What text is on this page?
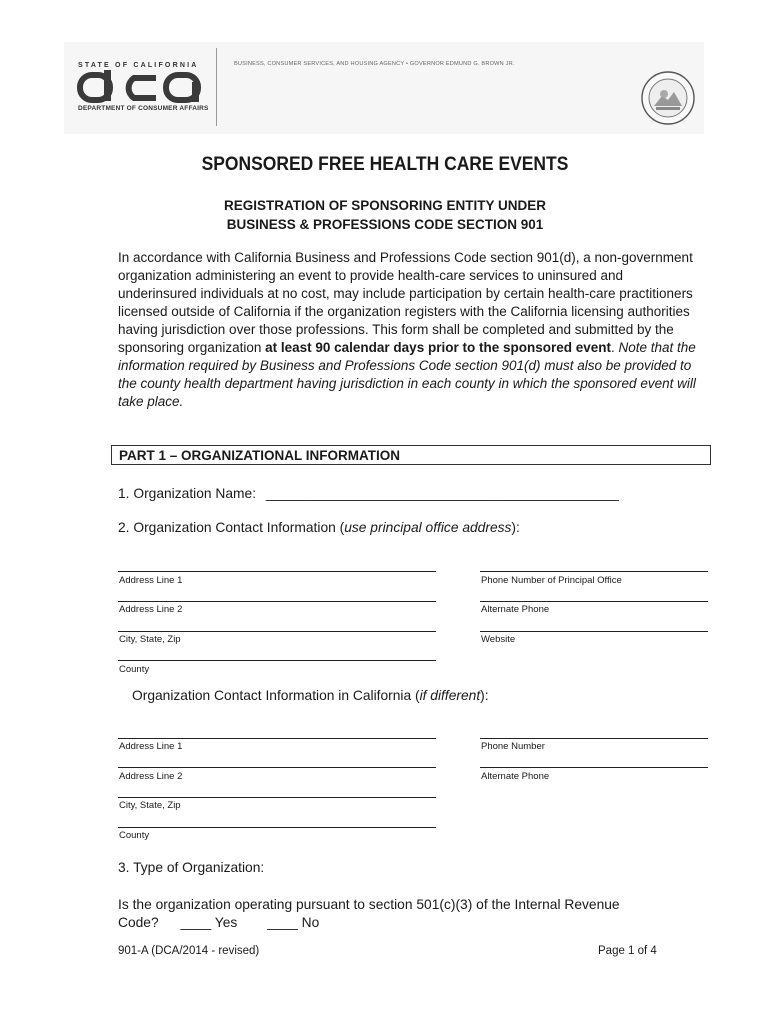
STATE OF CALIFORNIA
DEPARTMENT OF CONSUMER AFFAIRS
BUSINESS, CONSUMER SERVICES, AND HOUSING AGENCY • GOVERNOR EDMUND G. BROWN JR.
SPONSORED FREE HEALTH CARE EVENTS
REGISTRATION OF SPONSORING ENTITY UNDER
BUSINESS & PROFESSIONS CODE SECTION 901
In accordance with California Business and Professions Code section 901(d), a non-government organization administering an event to provide health-care services to uninsured and underinsured individuals at no cost, may include participation by certain health-care practitioners licensed outside of California if the organization registers with the California licensing authorities having jurisdiction over those professions. This form shall be completed and submitted by the sponsoring organization at least 90 calendar days prior to the sponsored event. Note that the information required by Business and Professions Code section 901(d) must also be provided to the county health department having jurisdiction in each county in which the sponsored event will take place.
PART 1 – ORGANIZATIONAL INFORMATION
1. Organization Name: ______________________________________________
2. Organization Contact Information (use principal office address):
Address Line 1
Address Line 2
City, State, Zip
County
Phone Number of Principal Office
Alternate Phone
Website
Organization Contact Information in California (if different):
Address Line 1
Address Line 2
City, State, Zip
County
Phone Number
Alternate Phone
3. Type of Organization:
Is the organization operating pursuant to section 501(c)(3) of the Internal Revenue
Code? ____ Yes ____ No
901-A (DCA/2014 - revised)	Page 1 of 4
